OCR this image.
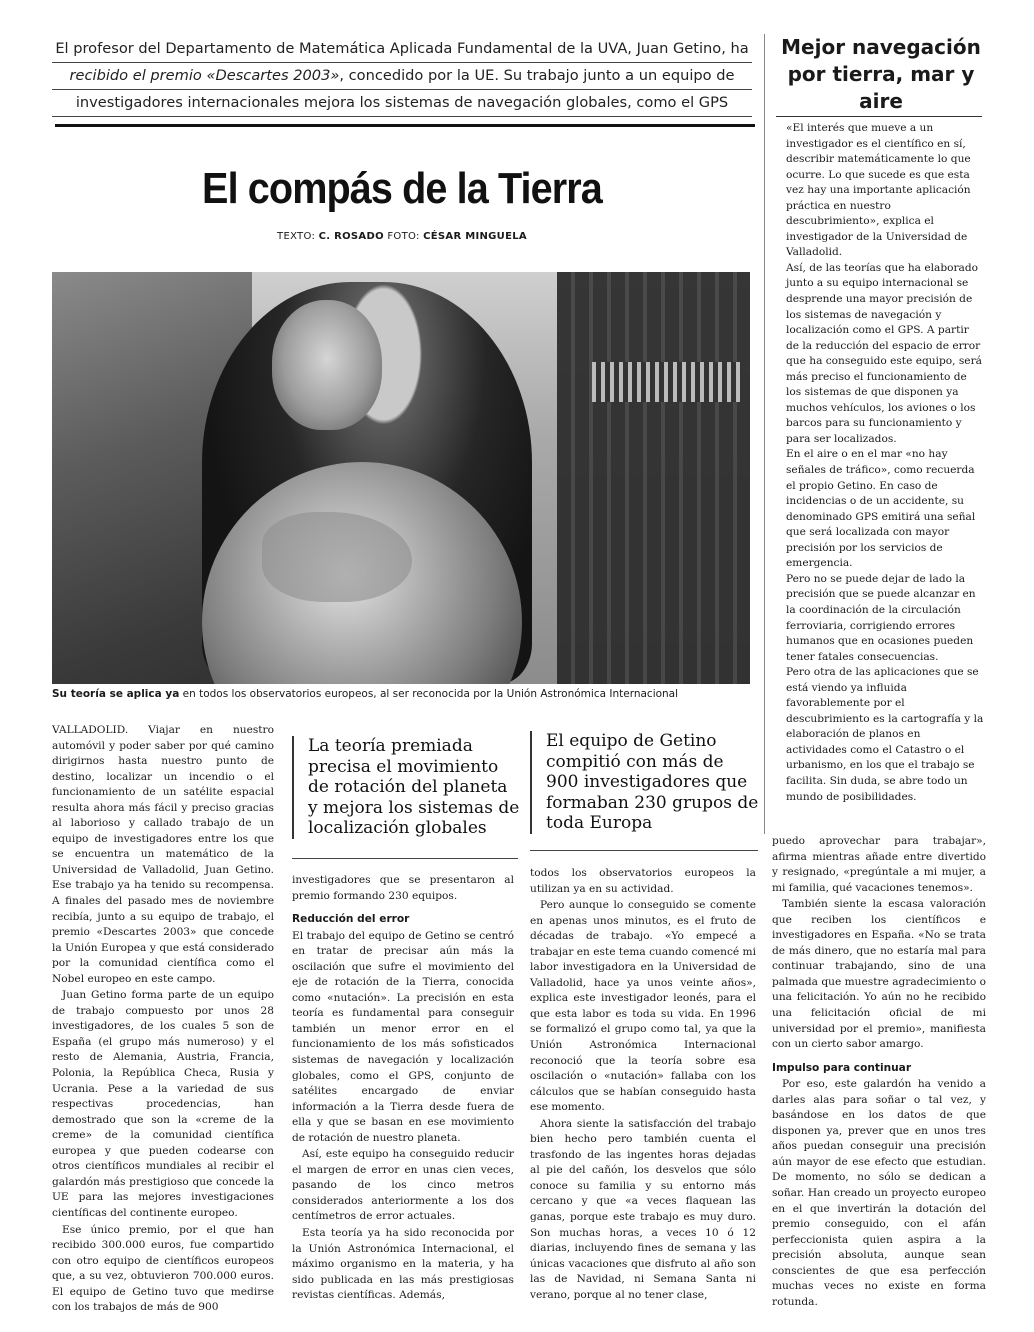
El profesor del Departamento de Matemática Aplicada Fundamental de la UVA, Juan Getino, ha
recibido el premio «Descartes 2003», concedido por la UE. Su trabajo junto a un equipo de
investigadores internacionales mejora los sistemas de navegación globales, como el GPS
El compás de la Tierra
TEXTO: C. ROSADO FOTO: CÉSAR MINGUELA
Su teoría se aplica ya en todos los observatorios europeos, al ser reconocida por la Unión Astronómica Internacional
Mejor navegación por tierra, mar y aire

«El interés que mueve a un investigador es el científico en sí, describir matemáticamente lo que ocurre. Lo que sucede es que esta vez hay una importante aplicación práctica en nuestro descubrimiento», explica el investigador de la Universidad de Valladolid.

Así, de las teorías que ha elaborado junto a su equipo internacional se desprende una mayor precisión de los sistemas de navegación y localización como el GPS. A partir de la reducción del espacio de error que ha conseguido este equipo, será más preciso el funcionamiento de los sistemas de que disponen ya muchos vehículos, los aviones o los barcos para su funcionamiento y para ser localizados.

En el aire o en el mar «no hay señales de tráfico», como recuerda el propio Getino. En caso de incidencias o de un accidente, su denominado GPS emitirá una señal que será localizada con mayor precisión por los servicios de emergencia.

Pero no se puede dejar de lado la precisión que se puede alcanzar en la coordinación de la circulación ferroviaria, corrigiendo errores humanos que en ocasiones pueden tener fatales consecuencias.

Pero otra de las aplicaciones que se está viendo ya influida favorablemente por el descubrimiento es la cartografía y la elaboración de planos en actividades como el Catastro o el urbanismo, en los que el trabajo se facilita. Sin duda, se abre todo un mundo de posibilidades.

La teoría premiada precisa el movimiento de rotación del planeta y mejora los sistemas de localización globales
El equipo de Getino compitió con más de 900 investigadores que formaban 230 grupos de toda Europa

VALLADOLID. Viajar en nuestro automóvil y poder saber por qué camino dirigirnos hasta nuestro punto de destino, localizar un incendio o el funcionamiento de un satélite espacial resulta ahora más fácil y preciso gracias al laborioso y callado trabajo de un equipo de investigadores entre los que se encuentra un matemático de la Universidad de Valladolid, Juan Getino. Ese trabajo ya ha tenido su recompensa. A finales del pasado mes de noviembre recibía, junto a su equipo de trabajo, el premio «Descartes 2003» que concede la Unión Europea y que está considerado por la comunidad científica como el Nobel europeo en este campo.

Juan Getino forma parte de un equipo de trabajo compuesto por unos 28 investigadores, de los cuales 5 son de España (el grupo más numeroso) y el resto de Alemania, Austria, Francia, Polonia, la República Checa, Rusia y Ucrania. Pese a la variedad de sus respectivas procedencias, han demostrado que son la «creme de la creme» de la comunidad científica europea y que pueden codearse con otros científicos mundiales al recibir el galardón más prestigioso que concede la UE para las mejores investigaciones científicas del continente europeo.

Ese único premio, por el que han recibido 300.000 euros, fue compartido con otro equipo de científicos europeos que, a su vez, obtuvieron 700.000 euros. El equipo de Getino tuvo que medirse con los trabajos de más de 900

investigadores que se presentaron al premio formando 230 equipos.

Reducción del error

El trabajo del equipo de Getino se centró en tratar de precisar aún más la oscilación que sufre el movimiento del eje de rotación de la Tierra, conocida como «nutación». La precisión en esta teoría es fundamental para conseguir también un menor error en el funcionamiento de los más sofisticados sistemas de navegación y localización globales, como el GPS, conjunto de satélites encargado de enviar información a la Tierra desde fuera de ella y que se basan en ese movimiento de rotación de nuestro planeta.

Así, este equipo ha conseguido reducir el margen de error en unas cien veces, pasando de los cinco metros considerados anteriormente a los dos centímetros de error actuales.

Esta teoría ya ha sido reconocida por la Unión Astronómica Internacional, el máximo organismo en la materia, y ha sido publicada en las más prestigiosas revistas científicas. Además,

todos los observatorios europeos la utilizan ya en su actividad.

Pero aunque lo conseguido se comente en apenas unos minutos, es el fruto de décadas de trabajo. «Yo empecé a trabajar en este tema cuando comencé mi labor investigadora en la Universidad de Valladolid, hace ya unos veinte años», explica este investigador leonés, para el que esta labor es toda su vida. En 1996 se formalizó el grupo como tal, ya que la Unión Astronómica Internacional reconoció que la teoría sobre esa oscilación o «nutación» fallaba con los cálculos que se habían conseguido hasta ese momento.

Ahora siente la satisfacción del trabajo bien hecho pero también cuenta el trasfondo de las ingentes horas dejadas al pie del cañón, los desvelos que sólo conoce su familia y su entorno más cercano y que «a veces flaquean las ganas, porque este trabajo es muy duro. Son muchas horas, a veces 10 ó 12 diarias, incluyendo fines de semana y las únicas vacaciones que disfruto al año son las de Navidad, ni Semana Santa ni verano, porque al no tener clase,

puedo aprovechar para trabajar», afirma mientras añade entre divertido y resignado, «pregúntale a mi mujer, a mi familia, qué vacaciones tenemos».

También siente la escasa valoración que reciben los científicos e investigadores en España. «No se trata de más dinero, que no estaría mal para continuar trabajando, sino de una palmada que muestre agradecimiento o una felicitación. Yo aún no he recibido una felicitación oficial de mi universidad por el premio», manifiesta con un cierto sabor amargo.

Impulso para continuar

Por eso, este galardón ha venido a darles alas para soñar o tal vez, y basándose en los datos de que disponen ya, prever que en unos tres años puedan conseguir una precisión aún mayor de ese efecto que estudian. De momento, no sólo se dedican a soñar. Han creado un proyecto europeo en el que invertirán la dotación del premio conseguido, con el afán perfeccionista quien aspira a la precisión absoluta, aunque sean conscientes de que esa perfección muchas veces no existe en forma rotunda.
